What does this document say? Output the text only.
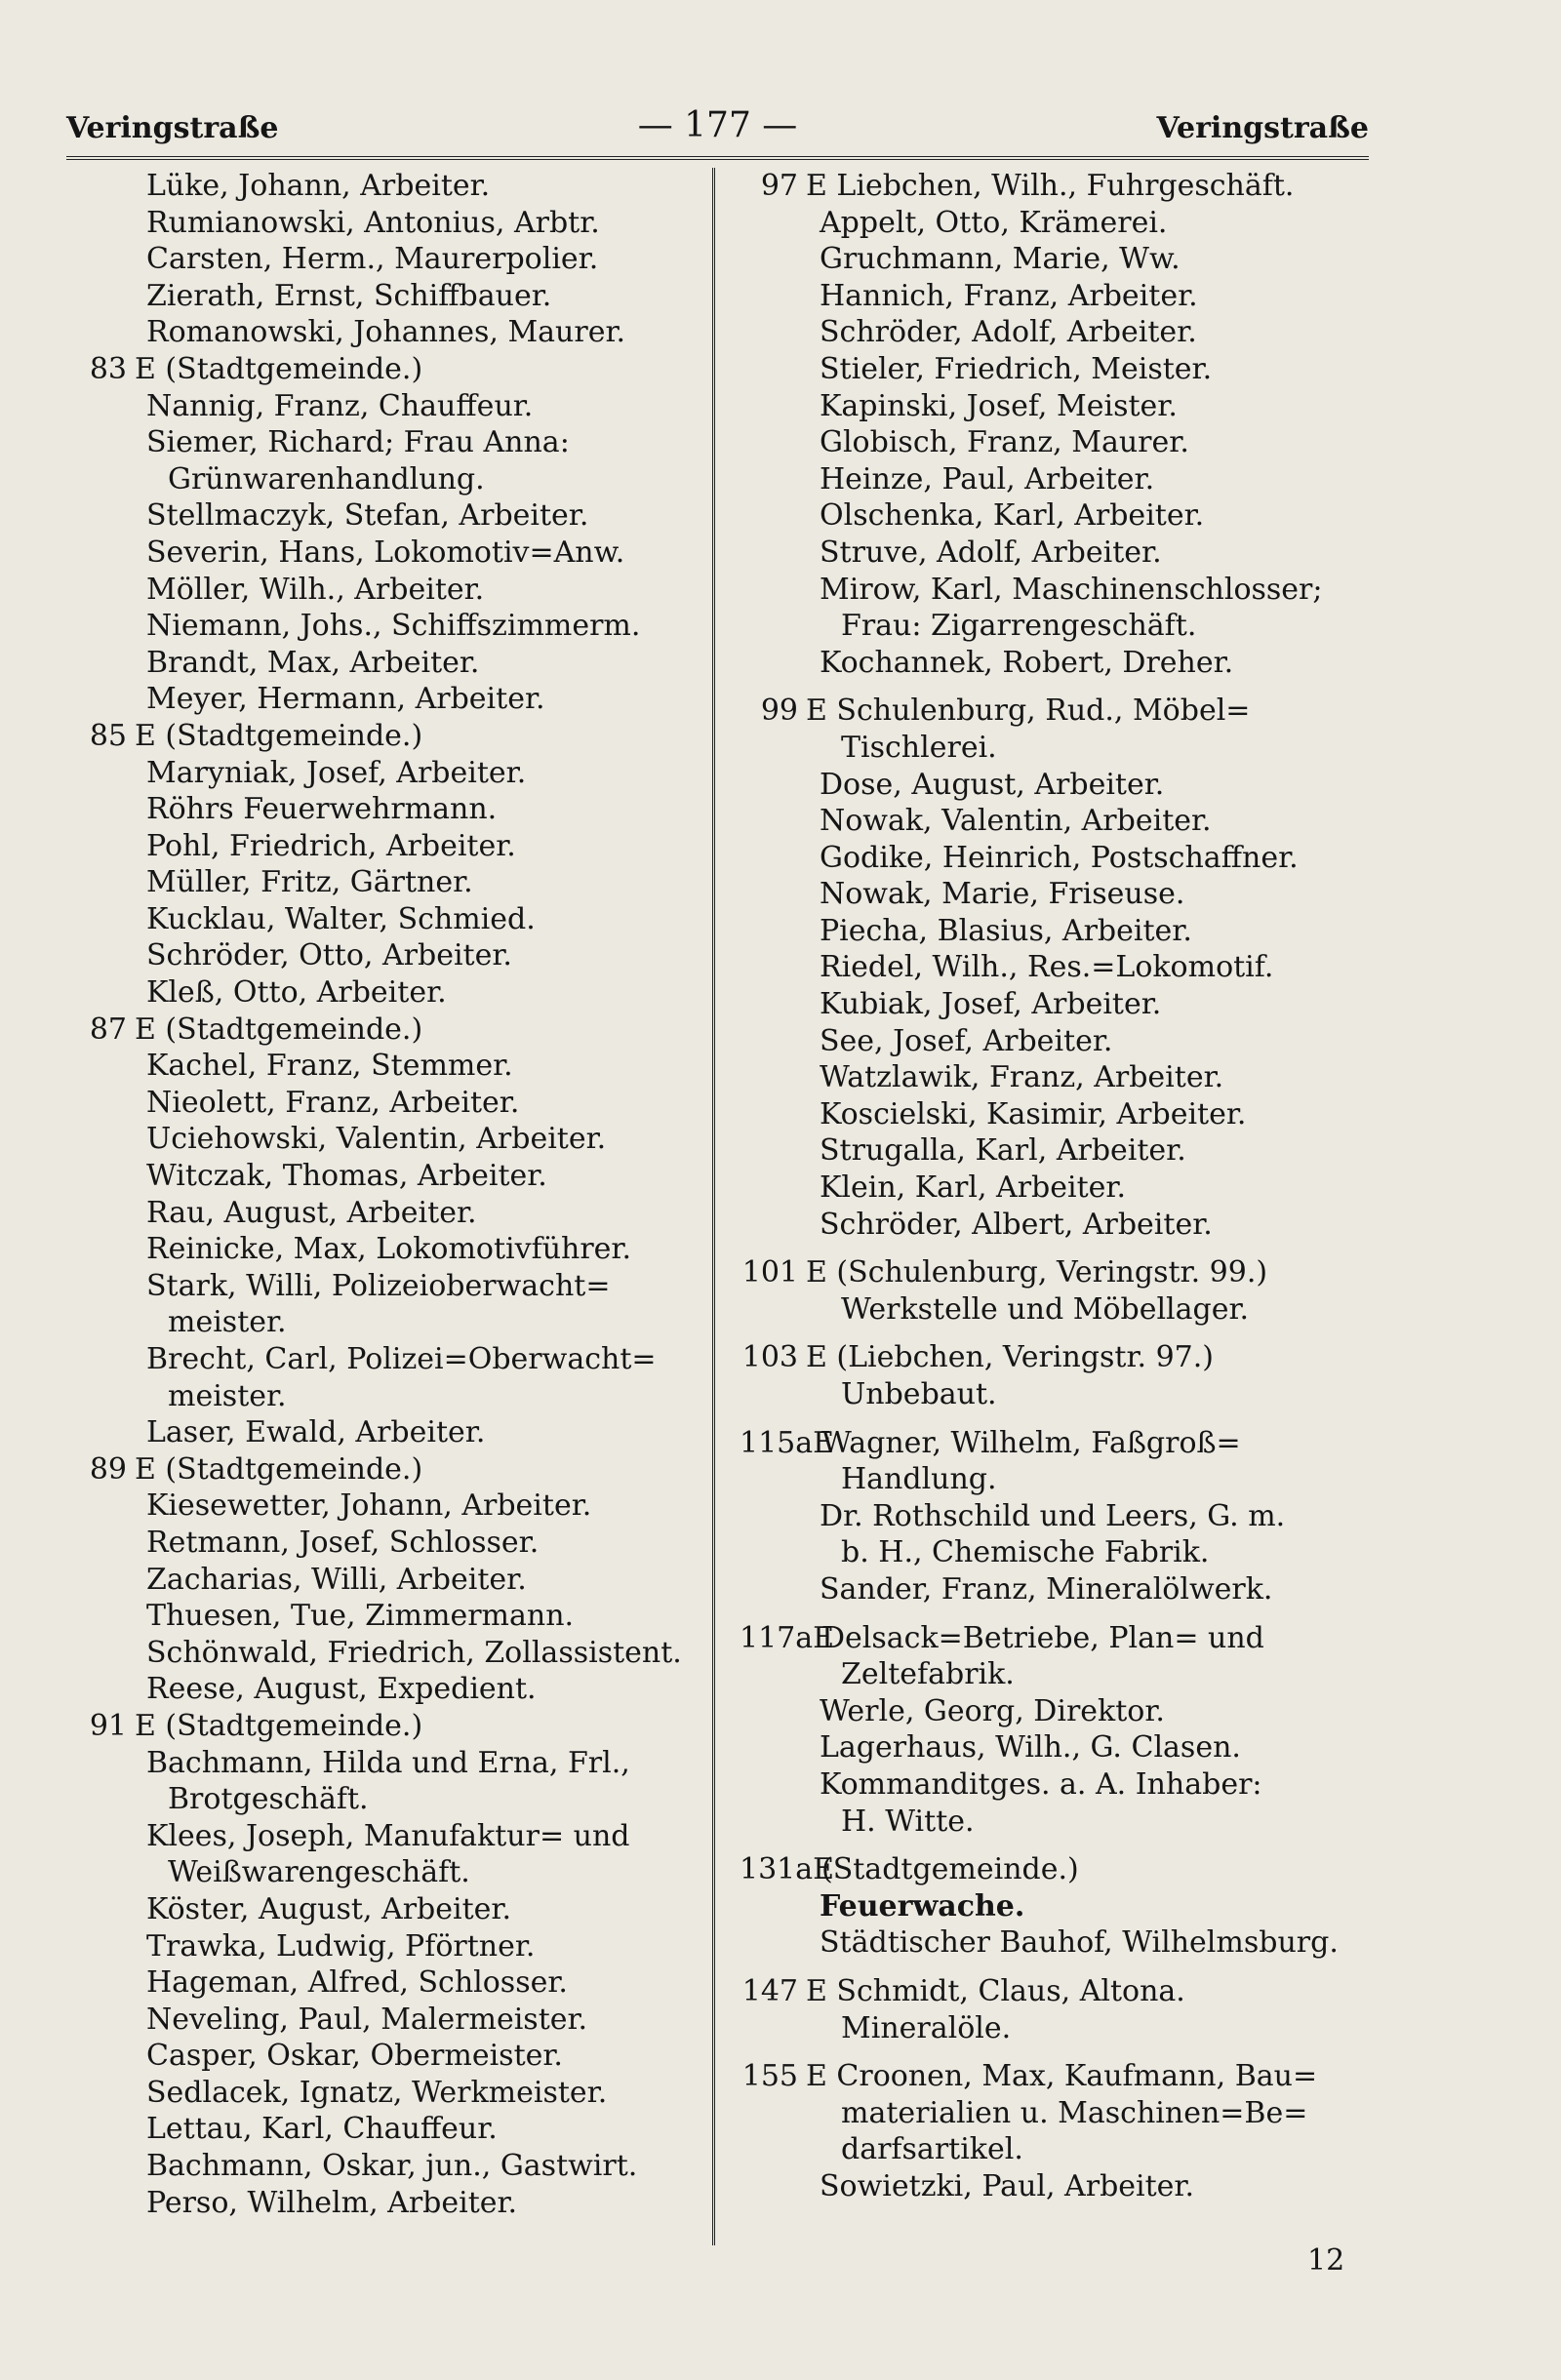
Veringstraße	— 177 —	Veringstraße
Lüke, Johann, Arbeiter.
Rumianowski, Antonius, Arbtr.
Carsten, Herm., Maurerpolier.
Zierath, Ernst, Schiffbauer.
Romanowski, Johannes, Maurer.
83 E (Stadtgemeinde.)
Nannig, Franz, Chauffeur.
Siemer, Richard; Frau Anna:
Grünwarenhandlung.
Stellmaczyk, Stefan, Arbeiter.
Severin, Hans, Lokomotiv=Anw.
Möller, Wilh., Arbeiter.
Niemann, Johs., Schiffszimmerm.
Brandt, Max, Arbeiter.
Meyer, Hermann, Arbeiter.
85 E (Stadtgemeinde.)
Maryniak, Josef, Arbeiter.
Röhrs Feuerwehrmann.
Pohl, Friedrich, Arbeiter.
Müller, Fritz, Gärtner.
Kucklau, Walter, Schmied.
Schröder, Otto, Arbeiter.
Kleß, Otto, Arbeiter.
87 E (Stadtgemeinde.)
Kachel, Franz, Stemmer.
Nieolett, Franz, Arbeiter.
Uciehowski, Valentin, Arbeiter.
Witczak, Thomas, Arbeiter.
Rau, August, Arbeiter.
Reinicke, Max, Lokomotivführer.
Stark, Willi, Polizeioberwacht=
meister.
Brecht, Carl, Polizei=Oberwacht=
meister.
Laser, Ewald, Arbeiter.
89 E (Stadtgemeinde.)
Kiesewetter, Johann, Arbeiter.
Retmann, Josef, Schlosser.
Zacharias, Willi, Arbeiter.
Thuesen, Tue, Zimmermann.
Schönwald, Friedrich, Zollassistent.
Reese, August, Expedient.
91 E (Stadtgemeinde.)
Bachmann, Hilda und Erna, Frl.,
Brotgeschäft.
Klees, Joseph, Manufaktur= und
Weißwarengeschäft.
Köster, August, Arbeiter.
Trawka, Ludwig, Pförtner.
Hageman, Alfred, Schlosser.
Neveling, Paul, Malermeister.
Casper, Oskar, Obermeister.
Sedlacek, Ignatz, Werkmeister.
Lettau, Karl, Chauffeur.
Bachmann, Oskar, jun., Gastwirt.
Perso, Wilhelm, Arbeiter.
97 E Liebchen, Wilh., Fuhrgeschäft.
Appelt, Otto, Krämerei.
Gruchmann, Marie, Ww.
Hannich, Franz, Arbeiter.
Schröder, Adolf, Arbeiter.
Stieler, Friedrich, Meister.
Kapinski, Josef, Meister.
Globisch, Franz, Maurer.
Heinze, Paul, Arbeiter.
Olschenka, Karl, Arbeiter.
Struve, Adolf, Arbeiter.
Mirow, Karl, Maschinenschlosser;
Frau: Zigarrengeschäft.
Kochannek, Robert, Dreher.
99 E Schulenburg, Rud., Möbel=
Tischlerei.
Dose, August, Arbeiter.
Nowak, Valentin, Arbeiter.
Godike, Heinrich, Postschaffner.
Nowak, Marie, Friseuse.
Piecha, Blasius, Arbeiter.
Riedel, Wilh., Res.=Lokomotif.
Kubiak, Josef, Arbeiter.
See, Josef, Arbeiter.
Watzlawik, Franz, Arbeiter.
Koscielski, Kasimir, Arbeiter.
Strugalla, Karl, Arbeiter.
Klein, Karl, Arbeiter.
Schröder, Albert, Arbeiter.
101 E (Schulenburg, Veringstr. 99.)
Werkstelle und Möbellager.
103 E (Liebchen, Veringstr. 97.)
Unbebaut.
115aE
Wagner, Wilhelm, Faßgroß=
Handlung.
Dr. Rothschild und Leers, G. m.
b. H., Chemische Fabrik.
Sander, Franz, Mineralölwerk.
117aE
Delsack=Betriebe, Plan= und
Zeltefabrik.
Werle, Georg, Direktor.
Lagerhaus, Wilh., G. Clasen.
Kommanditges. a. A. Inhaber:
H. Witte.
131aE
(Stadtgemeinde.)
Feuerwache.
Städtischer Bauhof, Wilhelmsburg.
147 E Schmidt, Claus, Altona.
Mineralöle.
155 E Croonen, Max, Kaufmann, Bau=
materialien u. Maschinen=Be=
darfsartikel.
Sowietzki, Paul, Arbeiter.
12
